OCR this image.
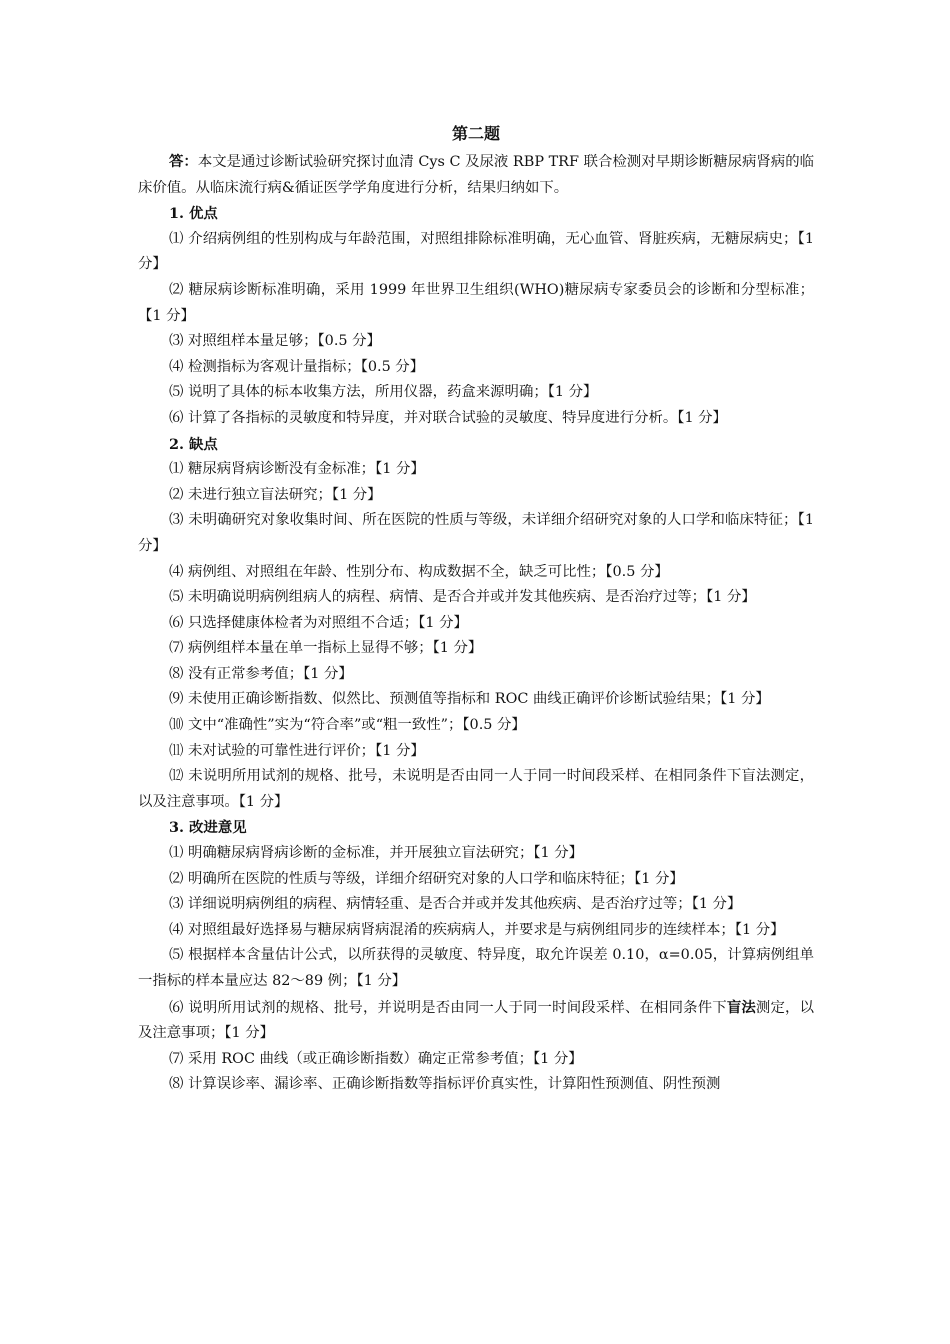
第二题

答：本文是通过诊断试验研究探讨血清 Cys C 及尿液 RBP TRF 联合检测对早期诊断糖尿病肾病的临床价值。从临床流行病&循证医学学角度进行分析，结果归纳如下。

1. 优点

⑴ 介绍病例组的性别构成与年龄范围，对照组排除标准明确，无心血管、肾脏疾病，无糖尿病史；【1 分】

⑵ 糖尿病诊断标准明确，采用 1999 年世界卫生组织(WHO)糖尿病专家委员会的诊断和分型标准；【1 分】

⑶ 对照组样本量足够；【0.5 分】

⑷ 检测指标为客观计量指标；【0.5 分】

⑸ 说明了具体的标本收集方法，所用仪器，药盒来源明确；【1 分】

⑹ 计算了各指标的灵敏度和特异度，并对联合试验的灵敏度、特异度进行分析。【1 分】

2. 缺点

⑴ 糖尿病肾病诊断没有金标准；【1 分】

⑵ 未进行独立盲法研究；【1 分】

⑶ 未明确研究对象收集时间、所在医院的性质与等级，未详细介绍研究对象的人口学和临床特征；【1 分】

⑷ 病例组、对照组在年龄、性别分布、构成数据不全，缺乏可比性；【0.5 分】

⑸ 未明确说明病例组病人的病程、病情、是否合并或并发其他疾病、是否治疗过等；【1 分】

⑹ 只选择健康体检者为对照组不合适；【1 分】

⑺ 病例组样本量在单一指标上显得不够；【1 分】

⑻ 没有正常参考值；【1 分】

⑼ 未使用正确诊断指数、似然比、预测值等指标和 ROC 曲线正确评价诊断试验结果；【1 分】

⑽ 文中“准确性”实为“符合率”或“粗一致性”；【0.5 分】

⑾ 未对试验的可靠性进行评价；【1 分】

⑿ 未说明所用试剂的规格、批号，未说明是否由同一人于同一时间段采样、在相同条件下盲法测定，以及注意事项。【1 分】

3. 改进意见

⑴ 明确糖尿病肾病诊断的金标准，并开展独立盲法研究；【1 分】

⑵ 明确所在医院的性质与等级，详细介绍研究对象的人口学和临床特征；【1 分】

⑶ 详细说明病例组的病程、病情轻重、是否合并或并发其他疾病、是否治疗过等；【1 分】

⑷ 对照组最好选择易与糖尿病肾病混淆的疾病病人，并要求是与病例组同步的连续样本；【1 分】

⑸ 根据样本含量估计公式，以所获得的灵敏度、特异度，取允许误差 0.10，α=0.05，计算病例组单一指标的样本量应达 82～89 例；【1 分】

⑹ 说明所用试剂的规格、批号，并说明是否由同一人于同一时间段采样、在相同条件下盲法测定，以及注意事项；【1 分】

⑺ 采用 ROC 曲线（或正确诊断指数）确定正常参考值；【1 分】

⑻ 计算误诊率、漏诊率、正确诊断指数等指标评价真实性，计算阳性预测值、阴性预测
